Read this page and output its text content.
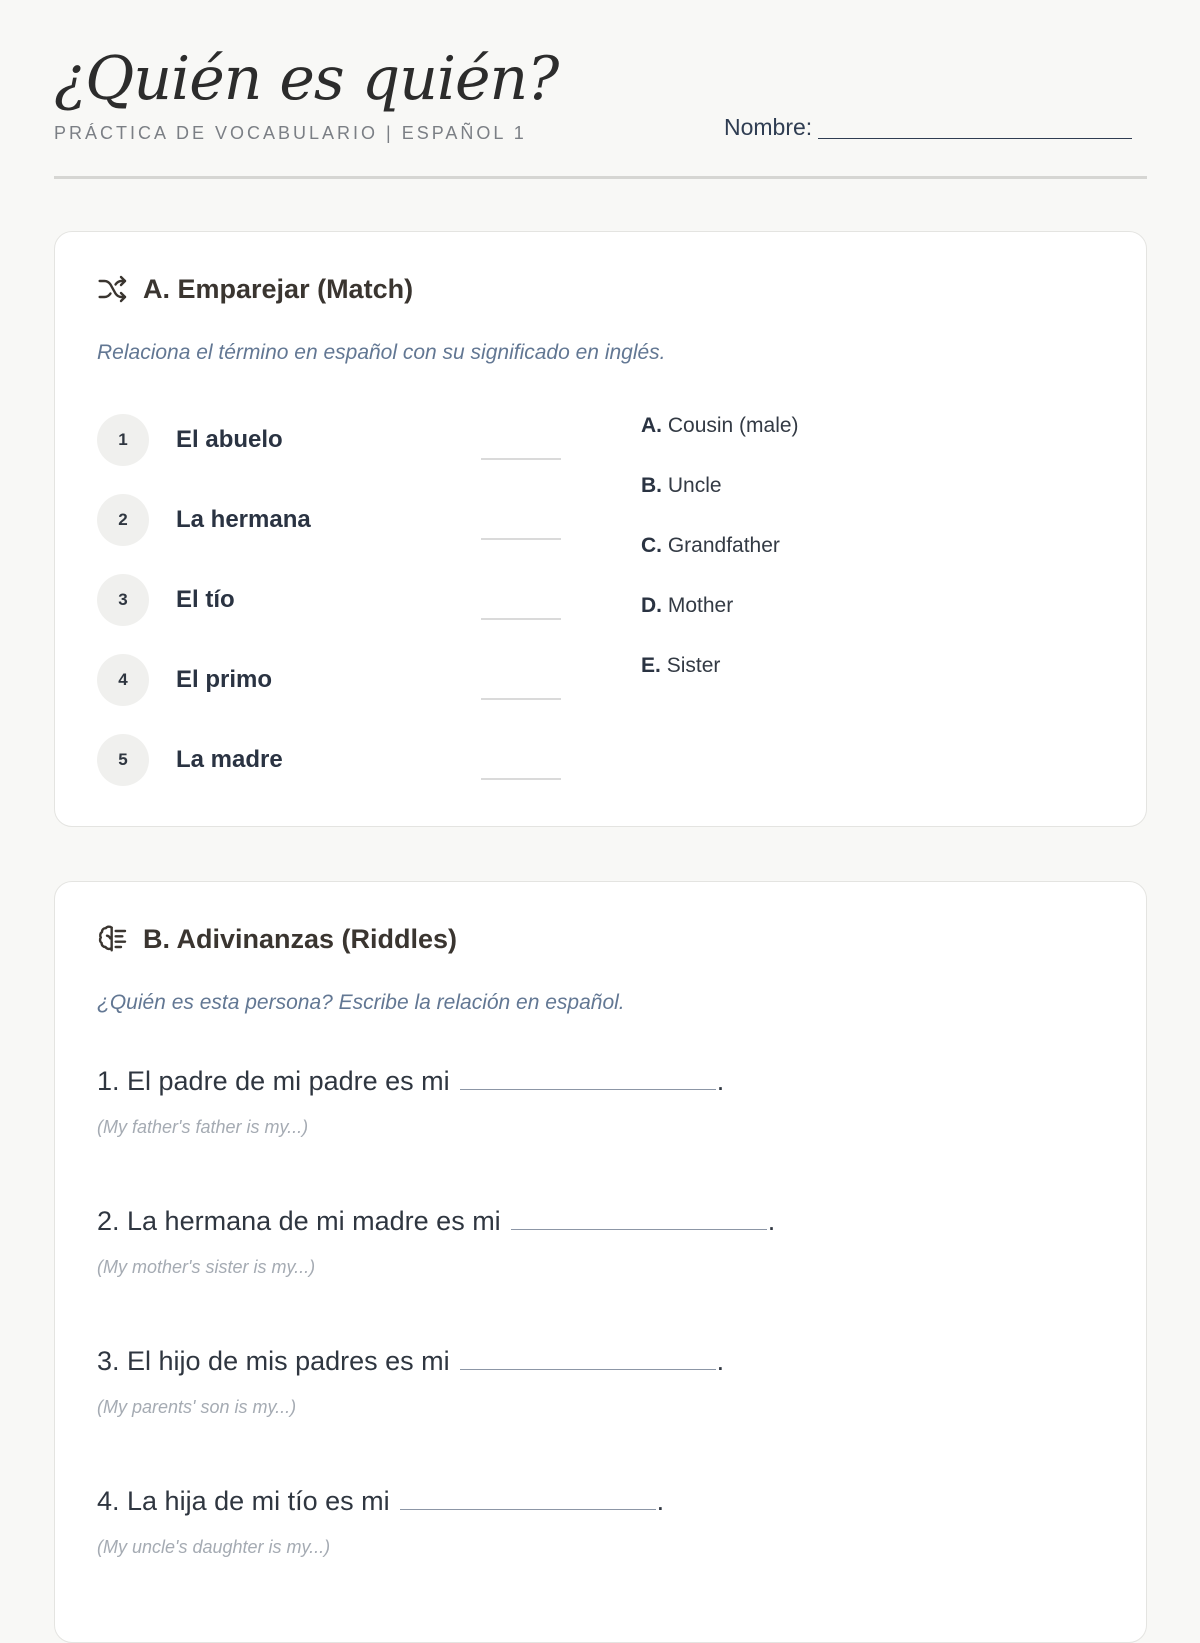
¿Quién es quién?
PRÁCTICA DE VOCABULARIO | ESPAÑOL 1	Nombre:
A. Emparejar (Match)
Relaciona el término en español con su significado en inglés.
1	El abuelo
2	La hermana
3	El tío
4	El primo
5	La madre
A. Cousin (male)
B. Uncle
C. Grandfather
D. Mother
E. Sister
B. Adivinanzas (Riddles)
¿Quién es esta persona? Escribe la relación en español.
1. El padre de mi padre es mi	.
(My father's father is my...)
2. La hermana de mi madre es mi	.
(My mother's sister is my...)
3. El hijo de mis padres es mi	.
(My parents' son is my...)
4. La hija de mi tío es mi	.
(My uncle's daughter is my...)
